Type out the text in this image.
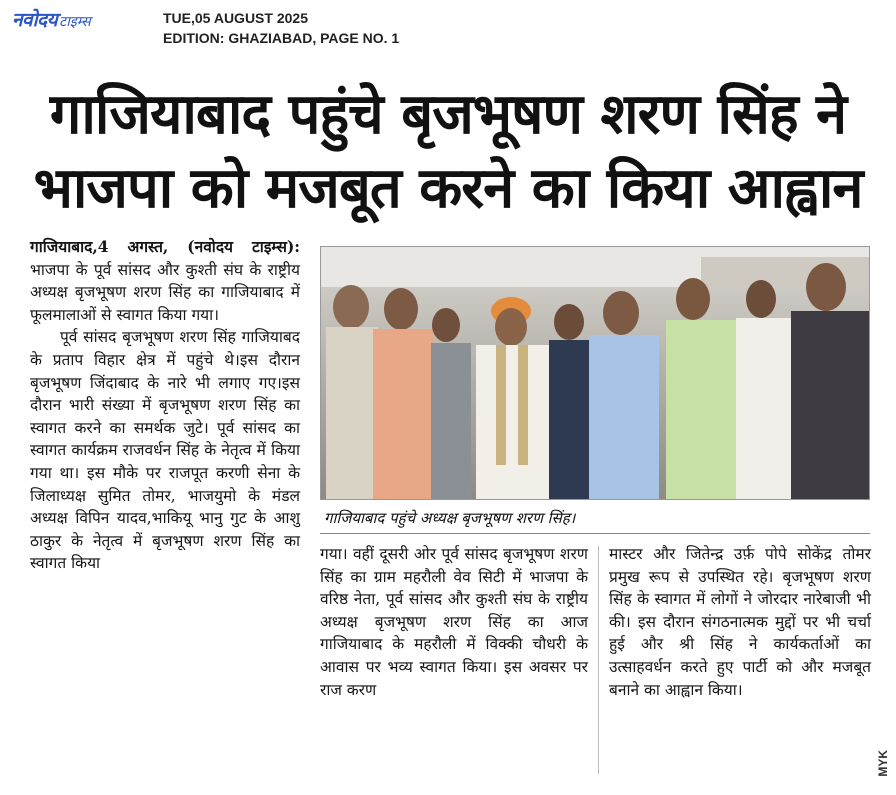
नवोदय टाइम्स	TUE,05 AUGUST 2025
EDITION: GHAZIABAD, PAGE NO. 1
गाजियाबाद पहुंचे बृजभूषण शरण सिंह ने
भाजपा को मजबूत करने का किया आह्वान

गाजियाबाद,4 अगस्त, (नवोदय टाइम्स): भाजपा के पूर्व सांसद और कुश्ती संघ के राष्ट्रीय अध्यक्ष बृजभूषण शरण सिंह का गाजियाबाद में फूलमालाओं से स्वागत किया गया।

पूर्व सांसद बृजभूषण शरण सिंह गाजियाबद के प्रताप विहार क्षेत्र में पहुंचे थे।इस दौरान बृजभूषण जिंदाबाद के नारे भी लगाए गए।इस दौरान भारी संख्या में बृजभूषण शरण सिंह का स्वागत करने का समर्थक जुटे। पूर्व सांसद का स्वागत कार्यक्रम राजवर्धन सिंह के नेतृत्व में किया गया था। इस मौके पर राजपूत करणी सेना के जिलाध्यक्ष सुमित तोमर, भाजयुमो के मंडल अध्यक्ष विपिन यादव,भाकियू भानु गुट के आशु ठाकुर के नेतृत्व में बृजभूषण शरण सिंह का स्वागत किया

गाजियाबाद पहुंचे अध्यक्ष बृजभूषण शरण सिंह।

गया। वहीं दूसरी ओर पूर्व सांसद बृजभूषण शरण सिंह का ग्राम महरौली वेव सिटी में भाजपा के वरिष्ठ नेता, पूर्व सांसद और कुश्ती संघ के राष्ट्रीय अध्यक्ष बृजभूषण शरण सिंह का आज गाजियाबाद के महरौली में विक्की चौधरी के आवास पर भव्य स्वागत किया। इस अवसर पर राज करण

मास्टर और जितेन्द्र उर्फ़ पोपे सोकेंद्र तोमर प्रमुख रूप से उपस्थित रहे। बृजभूषण शरण सिंह के स्वागत में लोगों ने जोरदार नारेबाजी भी की। इस दौरान संगठनात्मक मुद्दों पर भी चर्चा हुई और श्री सिंह ने कार्यकर्ताओं का उत्साहवर्धन करते हुए पार्टी को और मजबूत बनाने का आह्वान किया।

MYK
